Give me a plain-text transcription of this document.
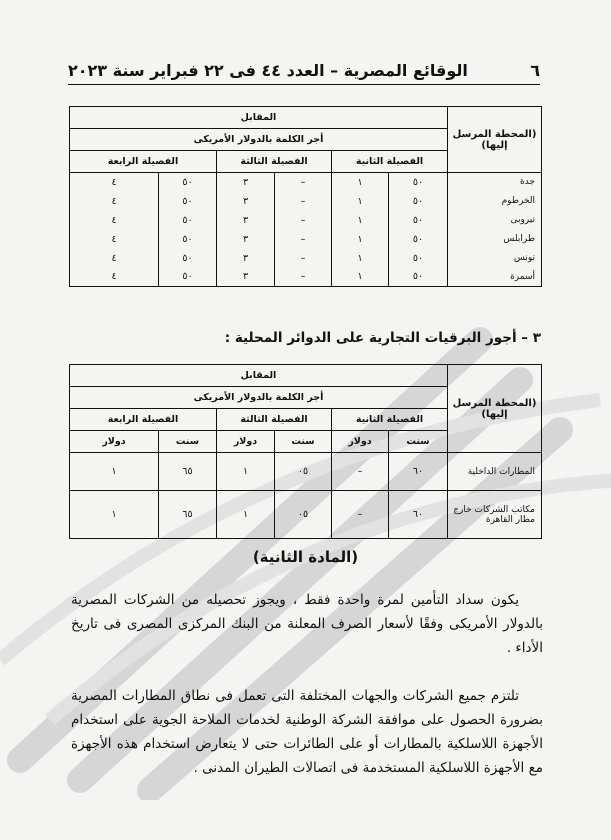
٦
الوقائع المصرية – العدد ٤٤ فى ٢٢ فبراير سنة ٢٠٢٣
(المحطة المرسل إليها)	المقابل					
	أجر الكلمة بالدولار الأمريكى					
	الفصيلة الثانية		الفصيلة الثالثة		الفصيلة الرابعة	
جدة	٥٠	١	–	٣	٥٠	٤
الخرطوم	٥٠	١	–	٣	٥٠	٤
نيروبى	٥٠	١	–	٣	٥٠	٤
طرابلس	٥٠	١	–	٣	٥٠	٤
تونس	٥٠	١	–	٣	٥٠	٤
أسمرة	٥٠	١	–	٣	٥٠	٤
٣ – أجور البرقيات التجارية على الدوائر المحلية :
(المحطة المرسل إليها)	المقابل					
	أجر الكلمة بالدولار الأمريكى					
	الفصيلة الثانية		الفصيلة الثالثة		الفصيلة الرابعة	
	سنت	دولار	سنت	دولار	سنت	دولار
المطارات الداخلية	٦٠	–	٠٥	١	٦٥	١
مكاتب الشركات خارج مطار القاهرة	٦٠	–	٠٥	١	٦٥	١
(المادة الثانية)
يكون سداد التأمين لمرة واحدة فقط ، ويجوز تحصيله من الشركات المصرية بالدولار الأمريكى وفقًا لأسعار الصرف المعلنة من البنك المركزى المصرى فى تاريخ الأداء .
تلتزم جميع الشركات والجهات المختلفة التى تعمل فى نطاق المطارات المصرية بضرورة الحصول على موافقة الشركة الوطنية لخدمات الملاحة الجوية على استخدام الأجهزة اللاسلكية بالمطارات أو على الطائرات حتى لا يتعارض استخدام هذه الأجهزة مع الأجهزة اللاسلكية المستخدمة فى اتصالات الطيران المدنى .
